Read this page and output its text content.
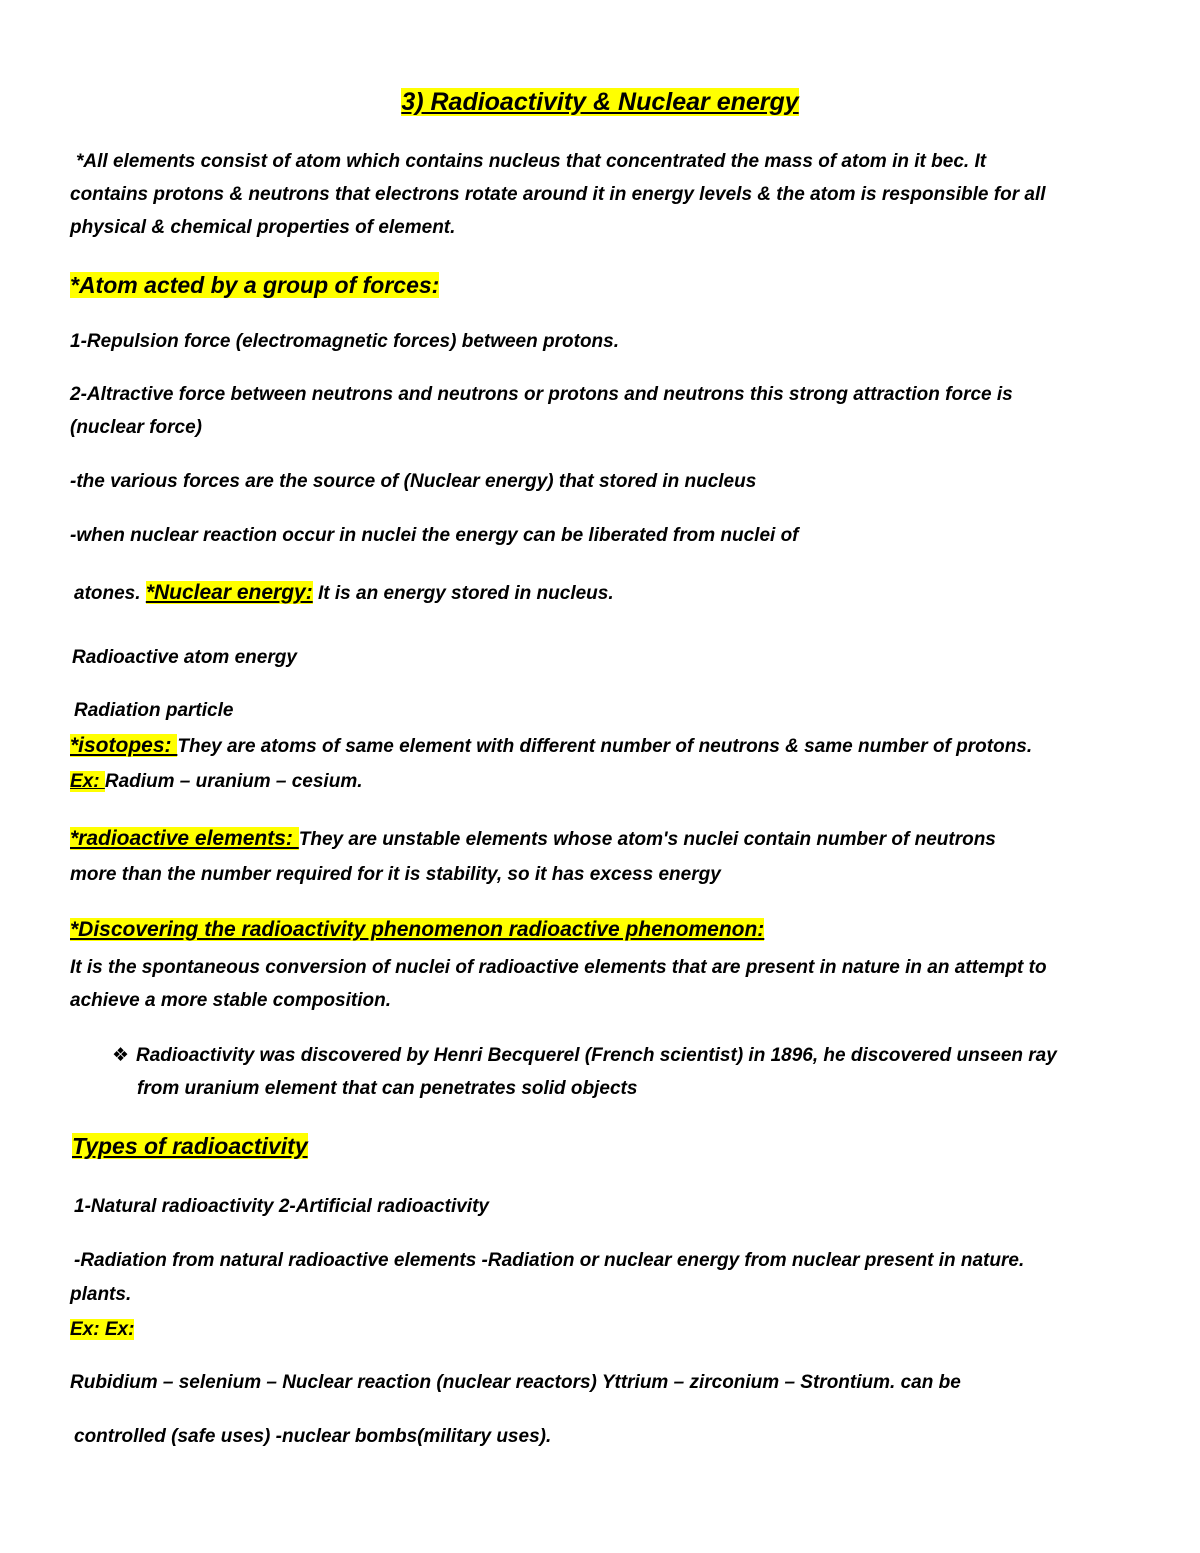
3) Radioactivity & Nuclear energy
*All elements consist of atom which contains nucleus that concentrated the mass of atom in it bec. It
contains protons & neutrons that electrons rotate around it in energy levels & the atom is responsible for all
physical & chemical properties of element.
*Atom acted by a group of forces:
1-Repulsion force (electromagnetic forces) between protons.
2-Altractive force between neutrons and neutrons or protons and neutrons this strong attraction force is
(nuclear force)
-the various forces are the source of (Nuclear energy) that stored in nucleus
-when nuclear reaction occur in nuclei the energy can be liberated from nuclei of
atones. *Nuclear energy: It is an energy stored in nucleus.
Radioactive atom energy
Radiation particle
*isotopes: They are atoms of same element with different number of neutrons & same number of protons.
Ex: Radium – uranium – cesium.
*radioactive elements: They are unstable elements whose atom's nuclei contain number of neutrons
more than the number required for it is stability, so it has excess energy
*Discovering the radioactivity phenomenon radioactive phenomenon:
It is the spontaneous conversion of nuclei of radioactive elements that are present in nature in an attempt to
achieve a more stable composition.
❖ Radioactivity was discovered by Henri Becquerel (French scientist) in 1896, he discovered unseen ray
from uranium element that can penetrates solid objects
Types of radioactivity
1-Natural radioactivity 2-Artificial radioactivity
-Radiation from natural radioactive elements -Radiation or nuclear energy from nuclear present in nature.
plants.
Ex: Ex:
Rubidium – selenium – Nuclear reaction (nuclear reactors) Yttrium – zirconium – Strontium. can be
controlled (safe uses) -nuclear bombs(military uses).
